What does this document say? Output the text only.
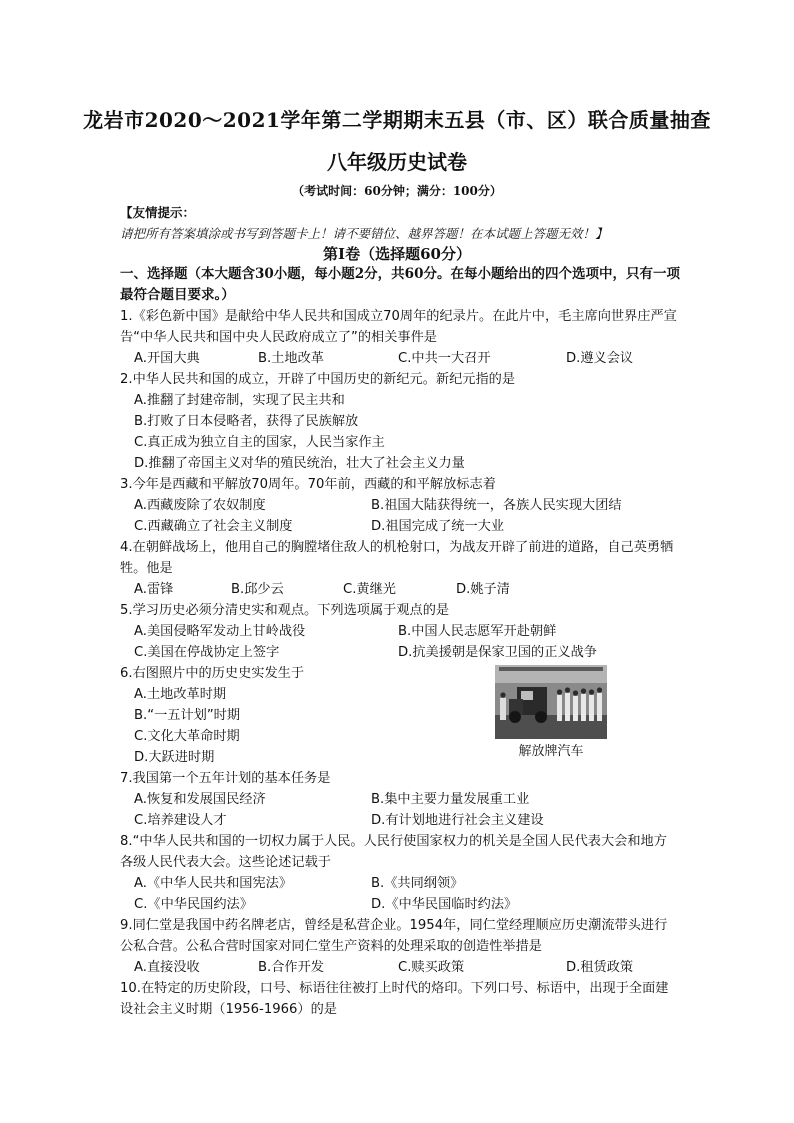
龙岩市2020～2021学年第二学期期末五县（市、区）联合质量抽查
八年级历史试卷
（考试时间：60分钟；满分：100分）
【友情提示：请把所有答案填涂或书写到答题卡上！请不要错位、越界答题！在本试题上答题无效！】
第Ⅰ卷（选择题60分）
一、选择题（本大题含30小题，每小题2分，共60分。在每小题给出的四个选项中，只有一项最符合题目要求。）
1.《彩色新中国》是献给中华人民共和国成立70周年的纪录片。在此片中，毛主席向世界庄严宣告“中华人民共和国中央人民政府成立了”的相关事件是
A.开国大典	B.土地改革	C.中共一大召开	D.遵义会议
2.中华人民共和国的成立，开辟了中国历史的新纪元。新纪元指的是
A.推翻了封建帝制，实现了民主共和
B.打败了日本侵略者，获得了民族解放
C.真正成为独立自主的国家，人民当家作主
D.推翻了帝国主义对华的殖民统治，壮大了社会主义力量
3.今年是西藏和平解放70周年。70年前，西藏的和平解放标志着
A.西藏废除了农奴制度	B.祖国大陆获得统一，各族人民实现大团结
C.西藏确立了社会主义制度	D.祖国完成了统一大业
4.在朝鲜战场上，他用自己的胸膛堵住敌人的机枪射口，为战友开辟了前进的道路，自己英勇牺牲。他是
A.雷锋	B.邱少云	C.黄继光	D.姚子清
5.学习历史必须分清史实和观点。下列选项属于观点的是
A.美国侵略军发动上甘岭战役	B.中国人民志愿军开赴朝鲜
C.美国在停战协定上签字	D.抗美援朝是保家卫国的正义战争
6.右图照片中的历史史实发生于
A.土地改革时期
B.“一五计划”时期
C.文化大革命时期
D.大跃进时期	解放牌汽车
7.我国第一个五年计划的基本任务是
A.恢复和发展国民经济	B.集中主要力量发展重工业
C.培养建设人才	D.有计划地进行社会主义建设
8.“中华人民共和国的一切权力属于人民。人民行使国家权力的机关是全国人民代表大会和地方各级人民代表大会。这些论述记载于
A.《中华人民共和国宪法》	B.《共同纲领》
C.《中华民国约法》	D.《中华民国临时约法》
9.同仁堂是我国中药名牌老店，曾经是私营企业。1954年，同仁堂经理顺应历史潮流带头进行公私合营。公私合营时国家对同仁堂生产资料的处理采取的创造性举措是
A.直接没收	B.合作开发	C.赎买政策	D.租赁政策
10.在特定的历史阶段，口号、标语往往被打上时代的烙印。下列口号、标语中，出现于全面建设社会主义时期（1956-1966）的是
